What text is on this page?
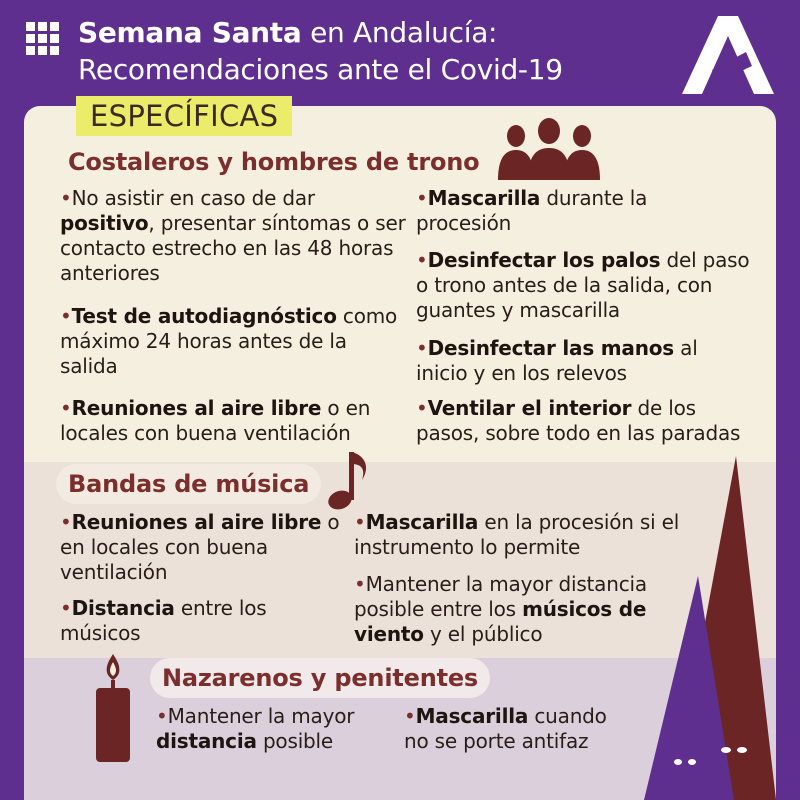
Semana Santa en Andalucía:
Recomendaciones ante el Covid-19
ESPECÍFICAS
Costaleros y hombres de trono
•No asistir en caso de dar positivo, presentar síntomas o ser contacto estrecho en las 48 horas anteriores
•Test de autodiagnóstico como máximo 24 horas antes de la salida
•Reuniones al aire libre o en locales con buena ventilación
•Mascarilla durante la procesión
•Desinfectar los palos del paso o trono antes de la salida, con guantes y mascarilla
•Desinfectar las manos al inicio y en los relevos
•Ventilar el interior de los pasos, sobre todo en las paradas
Bandas de música
•Reuniones al aire libre o en locales con buena ventilación
•Distancia entre los músicos
•Mascarilla en la procesión si el instrumento lo permite
•Mantener la mayor distancia posible entre los músicos de viento y el público
Nazarenos y penitentes
•Mantener la mayor distancia posible
•Mascarilla cuando no se porte antifaz
